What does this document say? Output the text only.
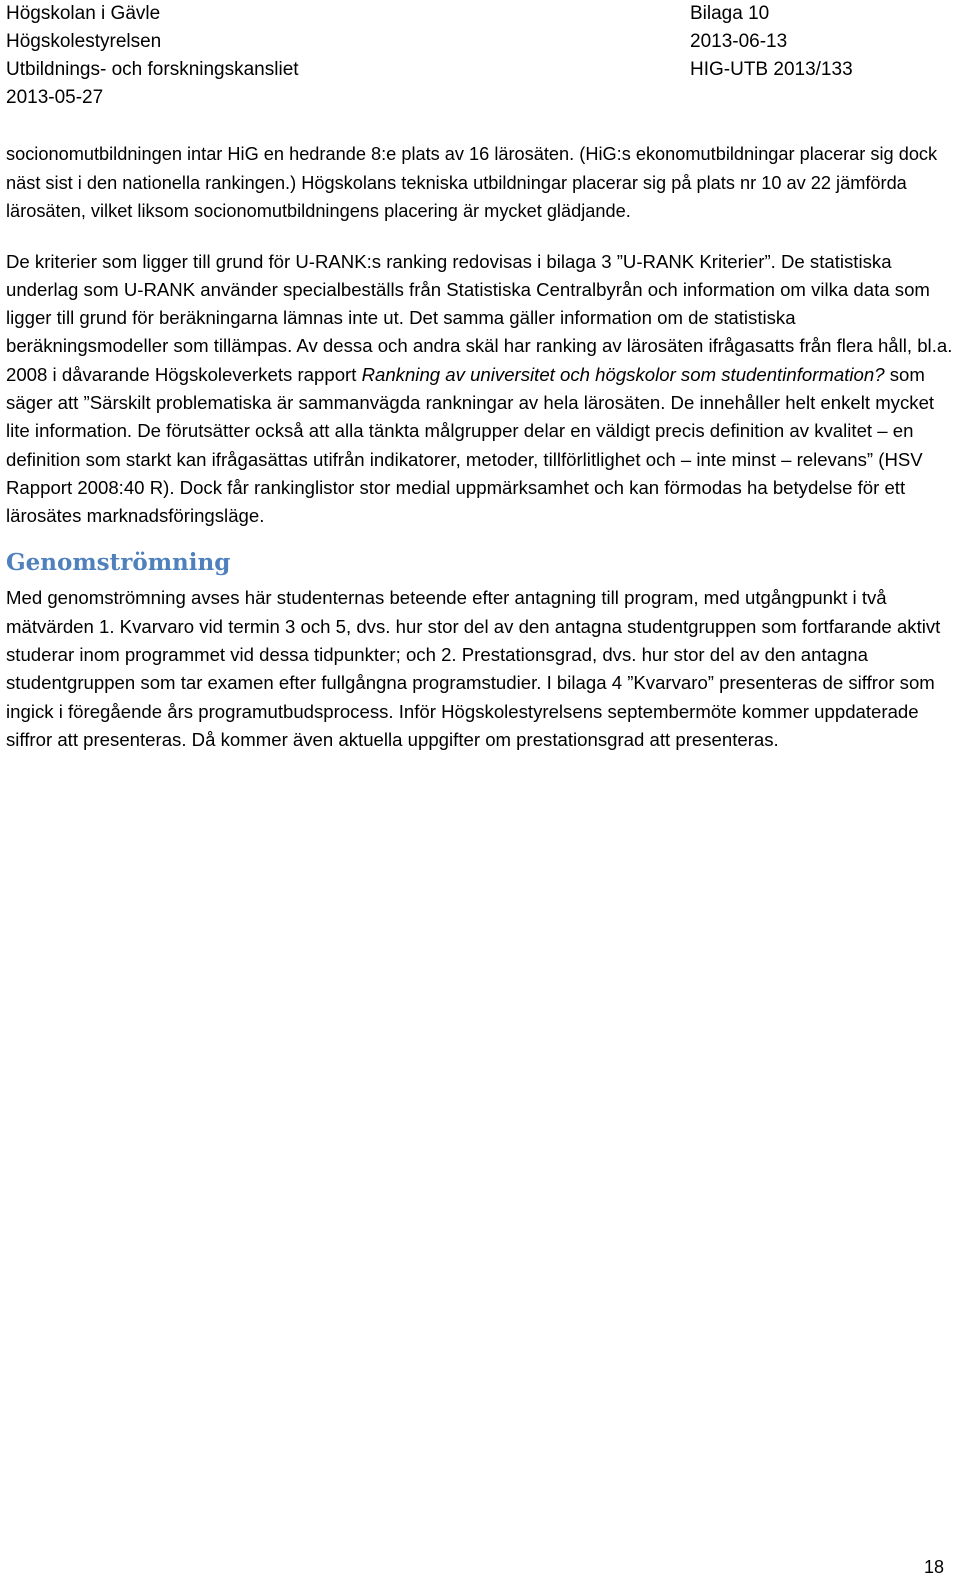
Högskolan i Gävle
Högskolestyrelsen
Utbildnings- och forskningskansliet
2013-05-27
Bilaga 10
2013-06-13
HIG-UTB 2013/133

socionomutbildningen intar HiG en hedrande 8:e plats av 16 lärosäten. (HiG:s ekonomutbildningar placerar sig dock näst sist i den nationella rankingen.) Högskolans tekniska utbildningar placerar sig på plats nr 10 av 22 jämförda lärosäten, vilket liksom socionomutbildningens placering är mycket glädjande.

De kriterier som ligger till grund för U-RANK:s ranking redovisas i bilaga 3 ”U-RANK Kriterier”. De statistiska underlag som U-RANK använder specialbeställs från Statistiska Centralbyrån och information om vilka data som ligger till grund för beräkningarna lämnas inte ut. Det samma gäller information om de statistiska beräkningsmodeller som tillämpas. Av dessa och andra skäl har ranking av lärosäten ifrågasatts från flera håll, bl.a. 2008 i dåvarande Högskoleverkets rapport Rankning av universitet och högskolor som studentinformation? som säger att ”Särskilt problematiska är sammanvägda rankningar av hela lärosäten. De innehåller helt enkelt mycket lite information. De förutsätter också att alla tänkta målgrupper delar en väldigt precis definition av kvalitet – en definition som starkt kan ifrågasättas utifrån indikatorer, metoder, tillförlitlighet och – inte minst – relevans” (HSV Rapport 2008:40 R). Dock får rankinglistor stor medial uppmärksamhet och kan förmodas ha betydelse för ett lärosätes marknadsföringsläge.

Genomströmning

Med genomströmning avses här studenternas beteende efter antagning till program, med utgångpunkt i två mätvärden 1. Kvarvaro vid termin 3 och 5, dvs. hur stor del av den antagna studentgruppen som fortfarande aktivt studerar inom programmet vid dessa tidpunkter; och 2. Prestationsgrad, dvs. hur stor del av den antagna studentgruppen som tar examen efter fullgångna programstudier. I bilaga 4 ”Kvarvaro” presenteras de siffror som ingick i föregående års programutbudsprocess. Inför Högskolestyrelsens septembermöte kommer uppdaterade siffror att presenteras. Då kommer även aktuella uppgifter om prestationsgrad att presenteras.

18
